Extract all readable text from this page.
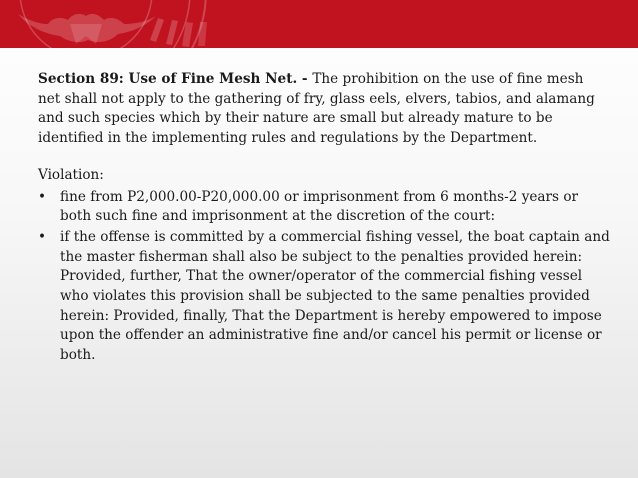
Section 89: Use of Fine Mesh Net. - The prohibition on the use of fine mesh net shall not apply to the gathering of fry, glass eels, elvers, tabios, and alamang and such species which by their nature are small but already mature to be identified in the implementing rules and regulations by the Department.

Violation:

• fine from P2,000.00-P20,000.00 or imprisonment from 6 months-2 years or both such fine and imprisonment at the discretion of the court:
• if the offense is committed by a commercial fishing vessel, the boat captain and the master fisherman shall also be subject to the penalties provided herein: Provided, further, That the owner/operator of the commercial fishing vessel who violates this provision shall be subjected to the same penalties provided herein: Provided, finally, That the Department is hereby empowered to impose upon the offender an administrative fine and/or cancel his permit or license or both.
